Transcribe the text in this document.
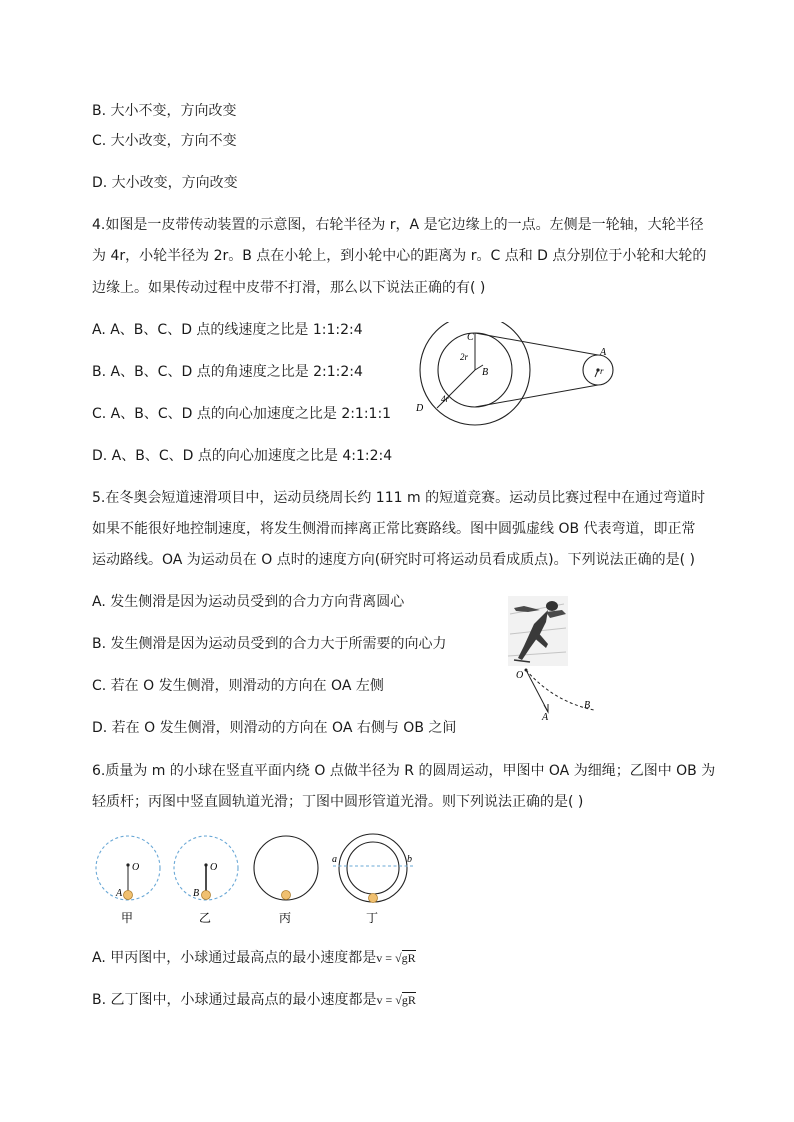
B. 大小不变，方向改变
C. 大小改变，方向不变
D. 大小改变，方向改变
4.如图是一皮带传动装置的示意图，右轮半径为 r，A 是它边缘上的一点。左侧是一轮轴，大轮半径
为 4r，小轮半径为 2r。B 点在小轮上，到小轮中心的距离为 r。C 点和 D 点分别位于小轮和大轮的
边缘上。如果传动过程中皮带不打滑，那么以下说法正确的有( )
A. A、B、C、D 点的线速度之比是 1:1:2:4
B. A、B、C、D 点的角速度之比是 2:1:2:4
C. A、B、C、D 点的向心加速度之比是 2:1:1:1
D. A、B、C、D 点的向心加速度之比是 4:1:2:4
C
2r
B
D
4r
A
r
5.在冬奥会短道速滑项目中，运动员绕周长约 111 m 的短道竞赛。运动员比赛过程中在通过弯道时
如果不能很好地控制速度，将发生侧滑而摔离正常比赛路线。图中圆弧虚线 OB 代表弯道，即正常
运动路线。OA 为运动员在 O 点时的速度方向(研究时可将运动员看成质点)。下列说法正确的是( )
A. 发生侧滑是因为运动员受到的合力方向背离圆心
B. 发生侧滑是因为运动员受到的合力大于所需要的向心力
C. 若在 O 发生侧滑，则滑动的方向在 OA 左侧
D. 若在 O 发生侧滑，则滑动的方向在 OA 右侧与 OB 之间
O
A
B
6.质量为 m 的小球在竖直平面内绕 O 点做半径为 R 的圆周运动，甲图中 OA 为细绳；乙图中 OB 为
轻质杆；丙图中竖直圆轨道光滑；丁图中圆形管道光滑。则下列说法正确的是( )
O
A
O
B
a	b
甲	乙	丙	丁
A. 甲丙图中，小球通过最高点的最小速度都是v = √gR
B. 乙丁图中，小球通过最高点的最小速度都是v = √gR
